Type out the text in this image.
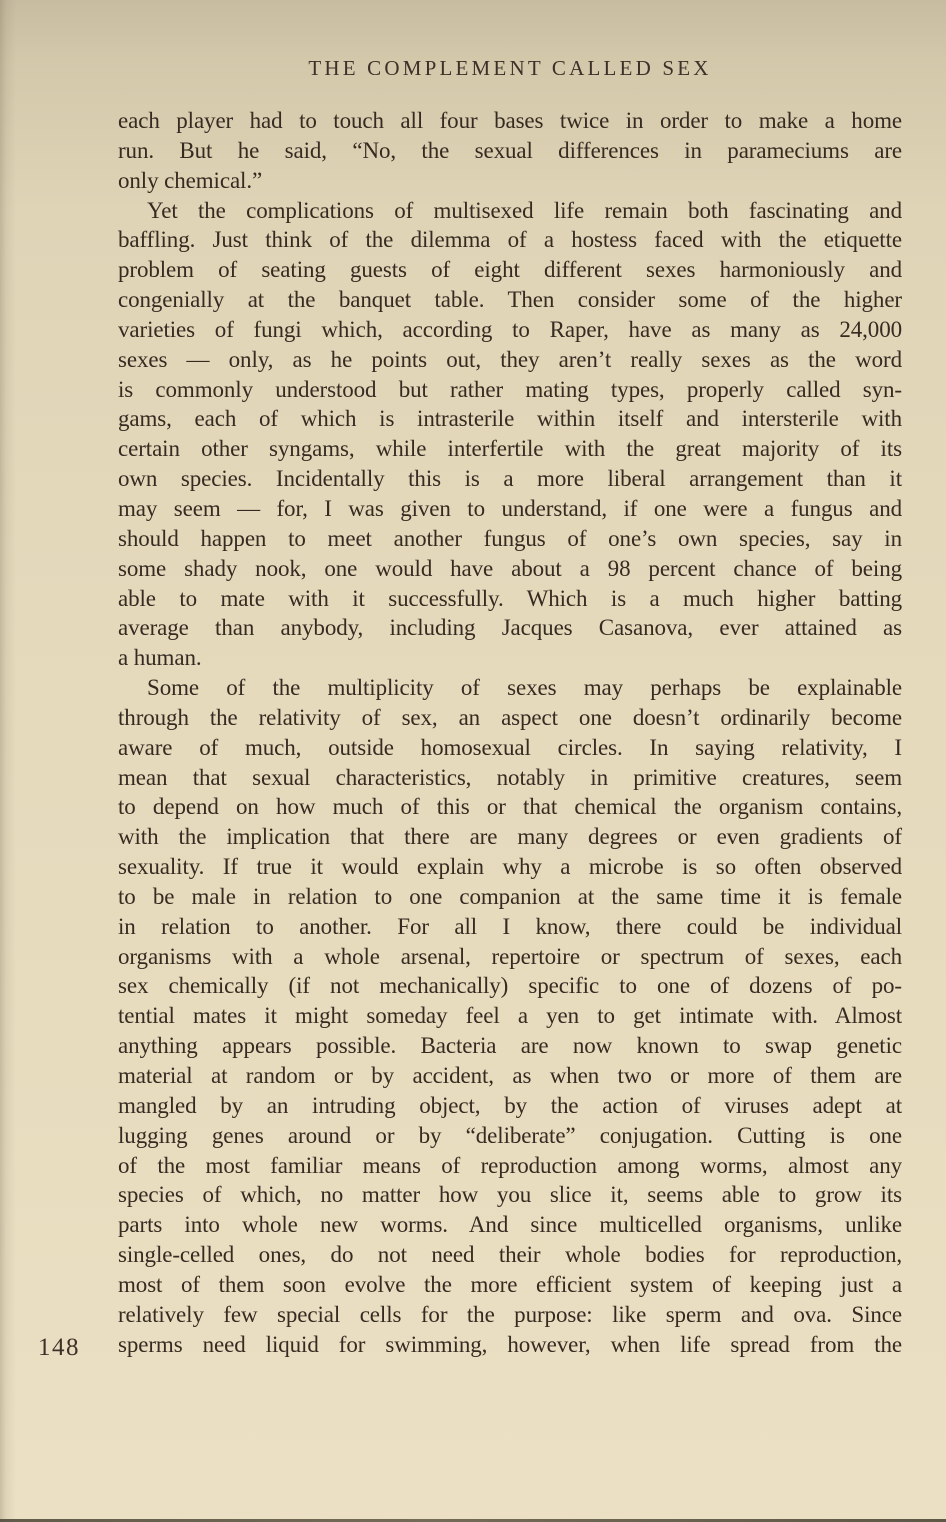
THE COMPLEMENT CALLED SEX
each player had to touch all four bases twice in order to make a home
run. But he said, “No, the sexual differences in parameciums are
only chemical.”
Yet the complications of multisexed life remain both fascinating and
baffling. Just think of the dilemma of a hostess faced with the etiquette
problem of seating guests of eight different sexes harmoniously and
congenially at the banquet table. Then consider some of the higher
varieties of fungi which, according to Raper, have as many as 24,000
sexes — only, as he points out, they aren’t really sexes as the word
is commonly understood but rather mating types, properly called syn-
gams, each of which is intrasterile within itself and intersterile with
certain other syngams, while interfertile with the great majority of its
own species. Incidentally this is a more liberal arrangement than it
may seem — for, I was given to understand, if one were a fungus and
should happen to meet another fungus of one’s own species, say in
some shady nook, one would have about a 98 percent chance of being
able to mate with it successfully. Which is a much higher batting
average than anybody, including Jacques Casanova, ever attained as
a human.
Some of the multiplicity of sexes may perhaps be explainable
through the relativity of sex, an aspect one doesn’t ordinarily become
aware of much, outside homosexual circles. In saying relativity, I
mean that sexual characteristics, notably in primitive creatures, seem
to depend on how much of this or that chemical the organism contains,
with the implication that there are many degrees or even gradients of
sexuality. If true it would explain why a microbe is so often observed
to be male in relation to one companion at the same time it is female
in relation to another. For all I know, there could be individual
organisms with a whole arsenal, repertoire or spectrum of sexes, each
sex chemically (if not mechanically) specific to one of dozens of po-
tential mates it might someday feel a yen to get intimate with. Almost
anything appears possible. Bacteria are now known to swap genetic
material at random or by accident, as when two or more of them are
mangled by an intruding object, by the action of viruses adept at
lugging genes around or by “deliberate” conjugation. Cutting is one
of the most familiar means of reproduction among worms, almost any
species of which, no matter how you slice it, seems able to grow its
parts into whole new worms. And since multicelled organisms, unlike
single-celled ones, do not need their whole bodies for reproduction,
most of them soon evolve the more efficient system of keeping just a
relatively few special cells for the purpose: like sperm and ova. Since
sperms need liquid for swimming, however, when life spread from the
148
